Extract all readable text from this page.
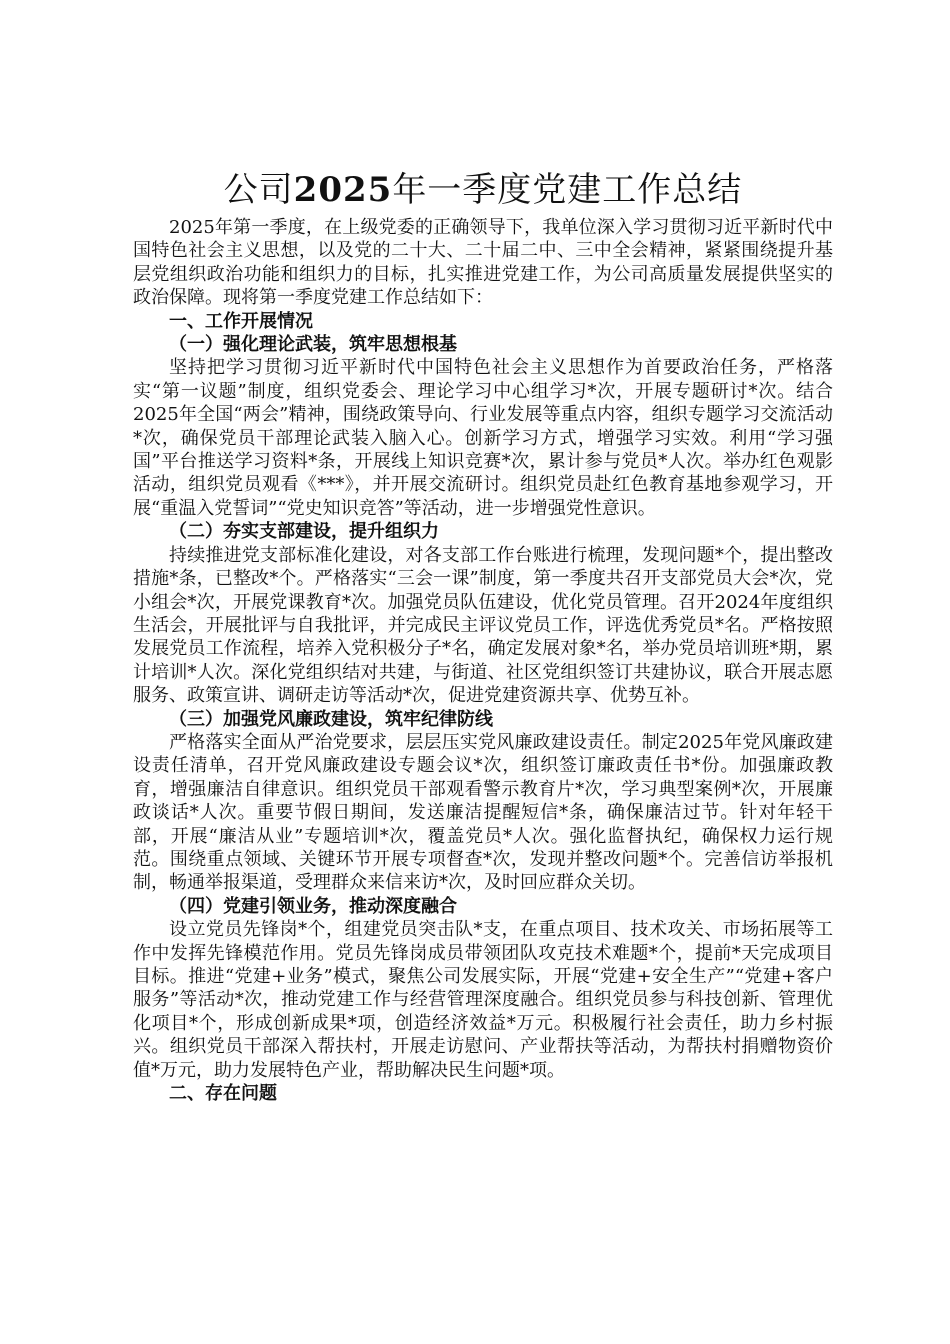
公司2025年一季度党建工作总结

2025年第一季度，在上级党委的正确领导下，我单位深入学习贯彻习近平新时代中国特色社会主义思想，以及党的二十大、二十届二中、三中全会精神，紧紧围绕提升基层党组织政治功能和组织力的目标，扎实推进党建工作，为公司高质量发展提供坚实的政治保障。现将第一季度党建工作总结如下：

一、工作开展情况

（一）强化理论武装，筑牢思想根基

坚持把学习贯彻习近平新时代中国特色社会主义思想作为首要政治任务，严格落实“第一议题”制度，组织党委会、理论学习中心组学习*次，开展专题研讨*次。结合2025年全国“两会”精神，围绕政策导向、行业发展等重点内容，组织专题学习交流活动*次，确保党员干部理论武装入脑入心。创新学习方式，增强学习实效。利用“学习强国”平台推送学习资料*条，开展线上知识竞赛*次，累计参与党员*人次。举办红色观影活动，组织党员观看《***》，并开展交流研讨。组织党员赴红色教育基地参观学习，开展“重温入党誓词”“党史知识竞答”等活动，进一步增强党性意识。

（二）夯实支部建设，提升组织力

持续推进党支部标准化建设，对各支部工作台账进行梳理，发现问题*个，提出整改措施*条，已整改*个。严格落实“三会一课”制度，第一季度共召开支部党员大会*次，党小组会*次，开展党课教育*次。加强党员队伍建设，优化党员管理。召开2024年度组织生活会，开展批评与自我批评，并完成民主评议党员工作，评选优秀党员*名。严格按照发展党员工作流程，培养入党积极分子*名，确定发展对象*名，举办党员培训班*期，累计培训*人次。深化党组织结对共建，与街道、社区党组织签订共建协议，联合开展志愿服务、政策宣讲、调研走访等活动*次，促进党建资源共享、优势互补。

（三）加强党风廉政建设，筑牢纪律防线

严格落实全面从严治党要求，层层压实党风廉政建设责任。制定2025年党风廉政建设责任清单，召开党风廉政建设专题会议*次，组织签订廉政责任书*份。加强廉政教育，增强廉洁自律意识。组织党员干部观看警示教育片*次，学习典型案例*次，开展廉政谈话*人次。重要节假日期间，发送廉洁提醒短信*条，确保廉洁过节。针对年轻干部，开展“廉洁从业”专题培训*次，覆盖党员*人次。强化监督执纪，确保权力运行规范。围绕重点领域、关键环节开展专项督查*次，发现并整改问题*个。完善信访举报机制，畅通举报渠道，受理群众来信来访*次，及时回应群众关切。

（四）党建引领业务，推动深度融合

设立党员先锋岗*个，组建党员突击队*支，在重点项目、技术攻关、市场拓展等工作中发挥先锋模范作用。党员先锋岗成员带领团队攻克技术难题*个，提前*天完成项目目标。推进“党建+业务”模式，聚焦公司发展实际，开展“党建+安全生产”“党建+客户服务”等活动*次，推动党建工作与经营管理深度融合。组织党员参与科技创新、管理优化项目*个，形成创新成果*项，创造经济效益*万元。积极履行社会责任，助力乡村振兴。组织党员干部深入帮扶村，开展走访慰问、产业帮扶等活动，为帮扶村捐赠物资价值*万元，助力发展特色产业，帮助解决民生问题*项。

二、存在问题
